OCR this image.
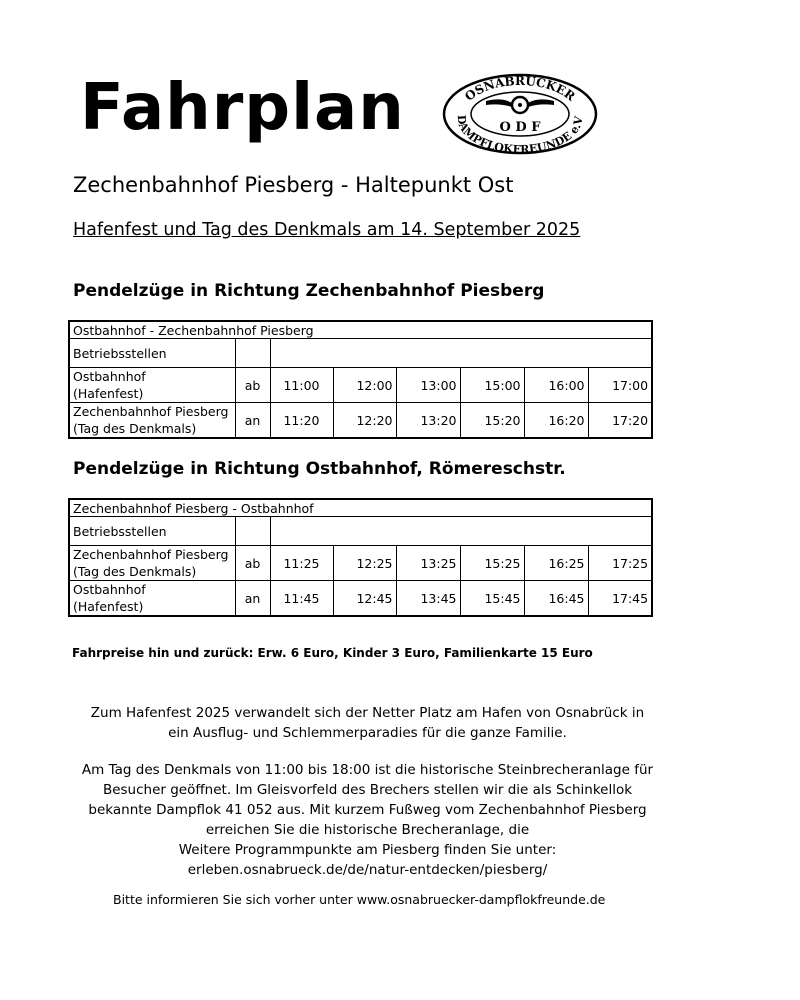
Fahrplan	OSNABRÜCKER
DAMPFLOKFREUNDE e.V
O D F
Zechenbahnhof Piesberg - Haltepunkt Ost
Hafenfest und Tag des Denkmals am 14. September 2025
Pendelzüge in Richtung Zechenbahnhof Piesberg
Ostbahnhof - Zechenbahnhof Piesberg							
Betriebsstellen							
Ostbahnhof
(Hafenfest)	ab	11:00	12:00	13:00	15:00	16:00	17:00
Zechenbahnhof Piesberg
(Tag des Denkmals)	an	11:20	12:20	13:20	15:20	16:20	17:20
Pendelzüge in Richtung Ostbahnhof, Römereschstr.
Zechenbahnhof Piesberg - Ostbahnhof							
Betriebsstellen							
Zechenbahnhof Piesberg
(Tag des Denkmals)	ab	11:25	12:25	13:25	15:25	16:25	17:25
Ostbahnhof
(Hafenfest)	an	11:45	12:45	13:45	15:45	16:45	17:45
Fahrpreise hin und zurück: Erw. 6 Euro, Kinder 3 Euro, Familienkarte 15 Euro

Zum Hafenfest 2025 verwandelt sich der Netter Platz am Hafen von Osnabrück in

ein Ausflug- und Schlemmerparadies für die ganze Familie.

Am Tag des Denkmals von 11:00 bis 18:00 ist die historische Steinbrecheranlage für

Besucher geöffnet. Im Gleisvorfeld des Brechers stellen wir die als Schinkellok

bekannte Dampflok 41 052 aus. Mit kurzem Fußweg vom Zechenbahnhof Piesberg

erreichen Sie die historische Brecheranlage, die

Weitere Programmpunkte am Piesberg finden Sie unter:

erleben.osnabrueck.de/de/natur-entdecken/piesberg/

Bitte informieren Sie sich vorher unter www.osnabruecker-dampflokfreunde.de
